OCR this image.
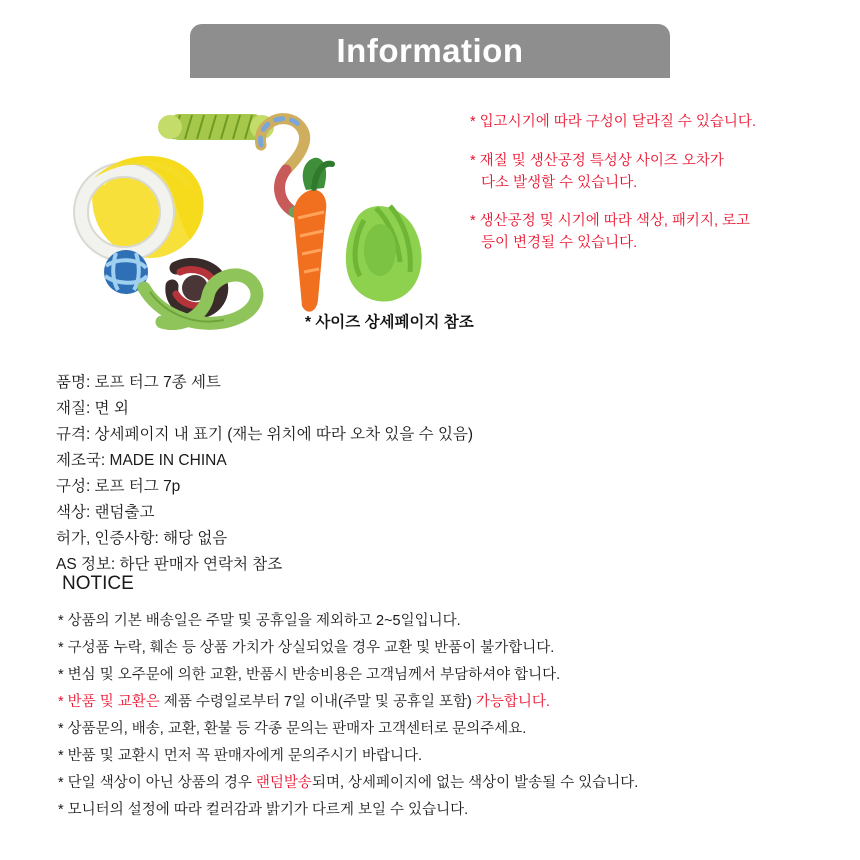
Information
* 입고시기에 따라 구성이 달라질 수 있습니다.
* 재질 및 생산공정 특성상 사이즈 오차가
다소 발생할 수 있습니다.
* 생산공정 및 시기에 따라 색상, 패키지, 로고
등이 변경될 수 있습니다.
* 사이즈 상세페이지 참조
품명: 로프 터그 7종 세트
재질: 면 외
규격: 상세페이지 내 표기 (재는 위치에 따라 오차 있을 수 있음)
제조국: MADE IN CHINA
구성: 로프 터그 7p
색상: 랜덤출고
허가, 인증사항: 해당 없음
AS 정보: 하단 판매자 연락처 참조
NOTICE
* 상품의 기본 배송일은 주말 및 공휴일을 제외하고 2~5일입니다.
* 구성품 누락, 훼손 등 상품 가치가 상실되었을 경우 교환 및 반품이 불가합니다.
* 변심 및 오주문에 의한 교환, 반품시 반송비용은 고객님께서 부담하셔야 합니다.
* 반품 및 교환은 제품 수령일로부터 7일 이내(주말 및 공휴일 포함) 가능합니다.
* 상품문의, 배송, 교환, 환불 등 각종 문의는 판매자 고객센터로 문의주세요.
* 반품 및 교환시 먼저 꼭 판매자에게 문의주시기 바랍니다.
* 단일 색상이 아닌 상품의 경우 랜덤발송되며, 상세페이지에 없는 색상이 발송될 수 있습니다.
* 모니터의 설정에 따라 컬러감과 밝기가 다르게 보일 수 있습니다.
